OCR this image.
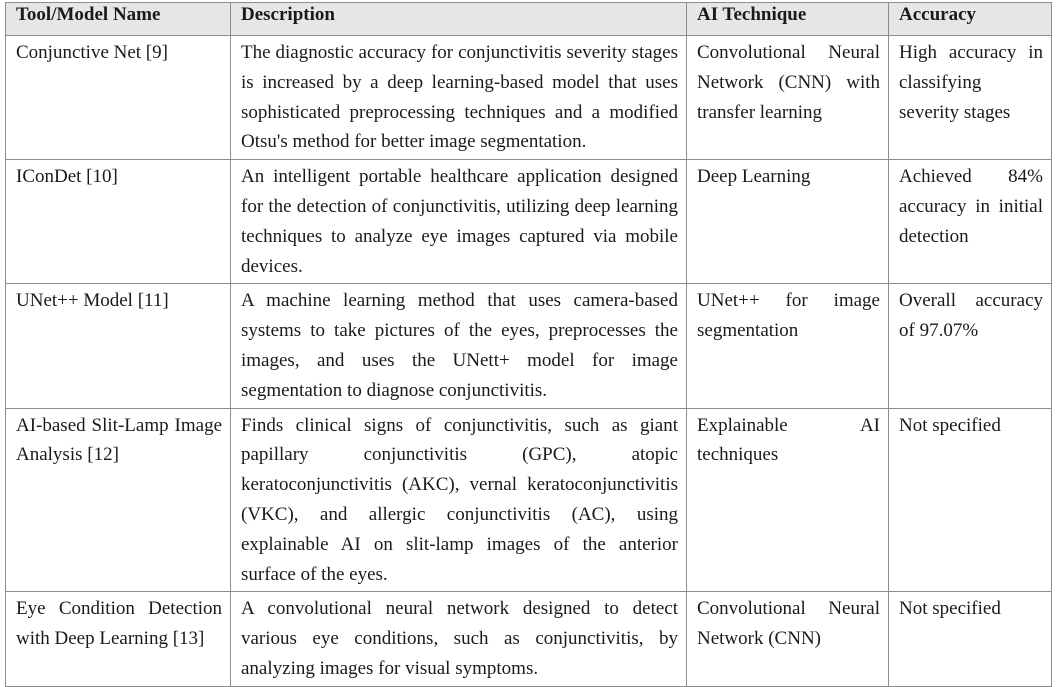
Tool/Model Name	Description	AI Technique	Accuracy

Conjunctive Net [9]	The diagnostic accuracy for conjunctivitis severity stages is increased by a deep learning-based model that uses sophisticated preprocessing techniques and a modified Otsu's method for better image segmentation.	Convolutional Neural Network (CNN) with transfer learning	High accuracy in classifying severity stages

IConDet [10]	An intelligent portable healthcare application designed for the detection of conjunctivitis, utilizing deep learning techniques to analyze eye images captured via mobile devices.	Deep Learning	Achieved 84% accuracy in initial detection

UNet++ Model [11]	A machine learning method that uses camera-based systems to take pictures of the eyes, preprocesses the images, and uses the UNett+ model for image segmentation to diagnose conjunctivitis.	UNet++ for image segmentation	Overall accuracy of 97.07%

AI-based Slit-Lamp Image Analysis [12]	Finds clinical signs of conjunctivitis, such as giant papillary conjunctivitis (GPC), atopic keratoconjunctivitis (AKC), vernal keratoconjunctivitis (VKC), and allergic conjunctivitis (AC), using explainable AI on slit-lamp images of the anterior surface of the eyes.	Explainable AI techniques	Not specified

Eye Condition Detection with Deep Learning [13]	A convolutional neural network designed to detect various eye conditions, such as conjunctivitis, by analyzing images for visual symptoms.	Convolutional Neural Network (CNN)	Not specified
